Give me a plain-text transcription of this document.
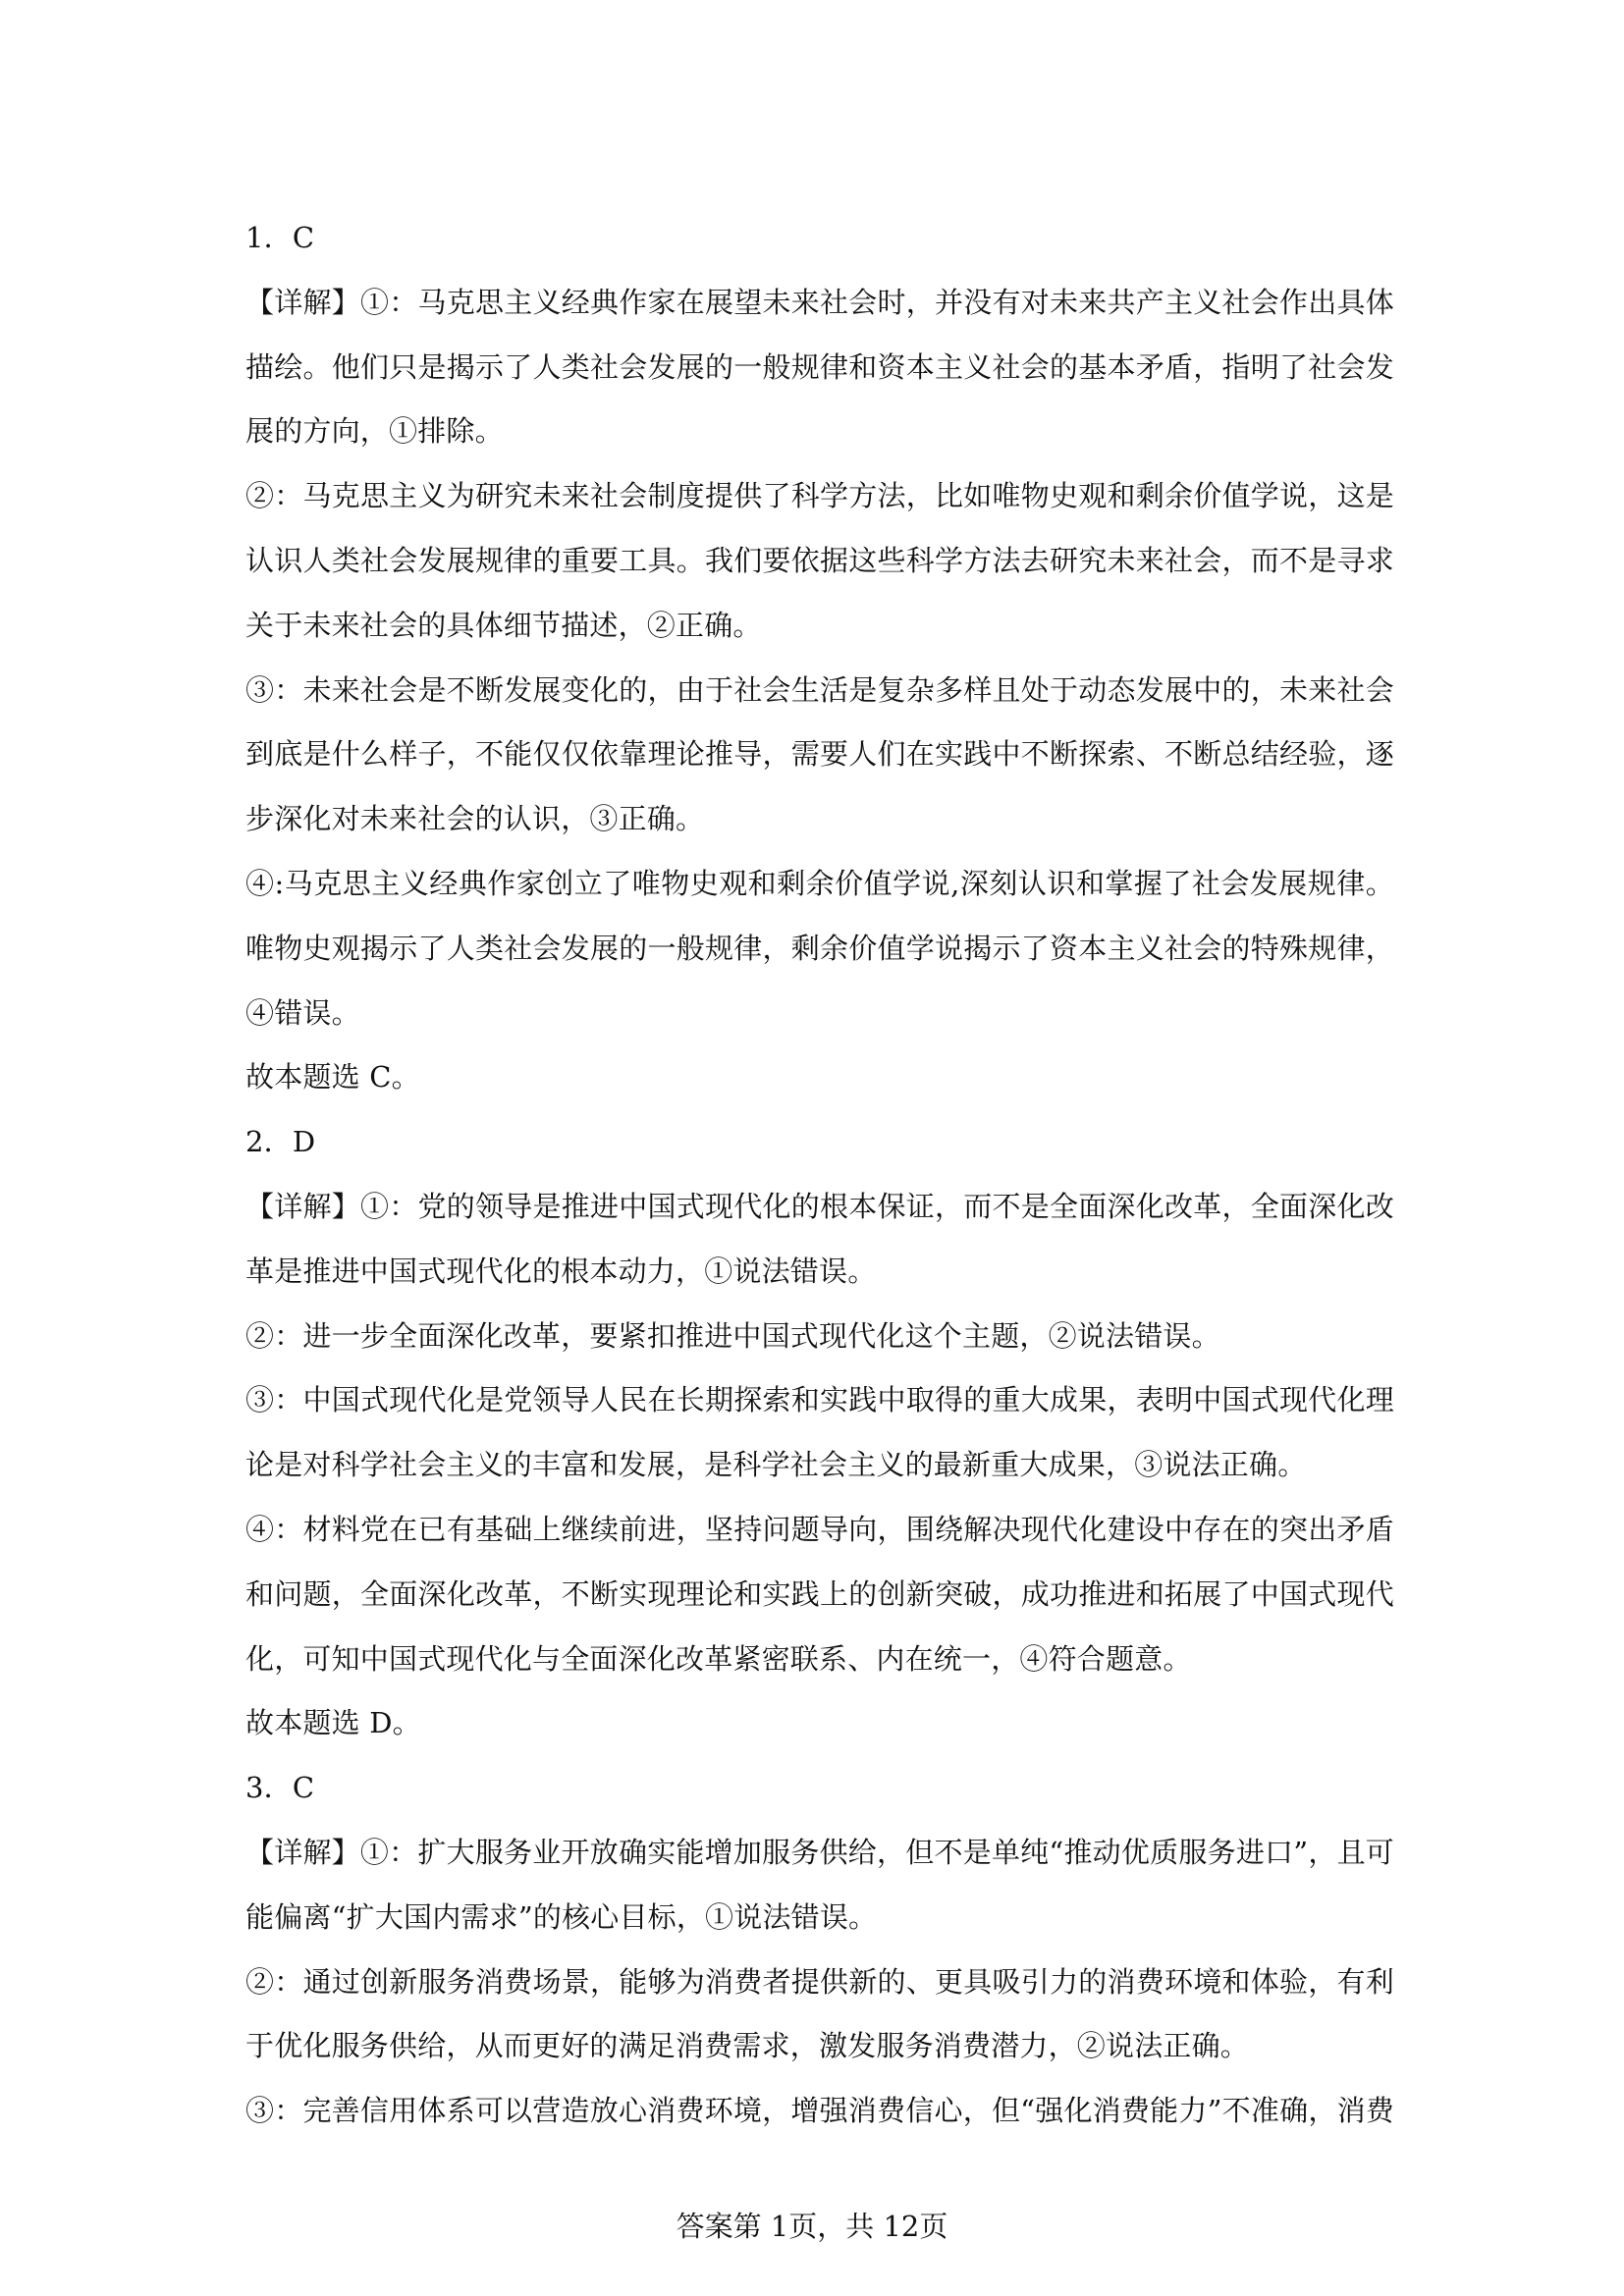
1．C
【详解】①：马克思主义经典作家在展望未来社会时，并没有对未来共产主义社会作出具体
描绘。他们只是揭示了人类社会发展的一般规律和资本主义社会的基本矛盾，指明了社会发
展的方向，①排除。
②：马克思主义为研究未来社会制度提供了科学方法，比如唯物史观和剩余价值学说，这是
认识人类社会发展规律的重要工具。我们要依据这些科学方法去研究未来社会，而不是寻求
关于未来社会的具体细节描述，②正确。
③：未来社会是不断发展变化的，由于社会生活是复杂多样且处于动态发展中的，未来社会
到底是什么样子，不能仅仅依靠理论推导，需要人们在实践中不断探索、不断总结经验，逐
步深化对未来社会的认识，③正确。
④:马克思主义经典作家创立了唯物史观和剩余价值学说,深刻认识和掌握了社会发展规律。
唯物史观揭示了人类社会发展的一般规律，剩余价值学说揭示了资本主义社会的特殊规律，
④错误。
故本题选 C。
2．D
【详解】①：党的领导是推进中国式现代化的根本保证，而不是全面深化改革，全面深化改
革是推进中国式现代化的根本动力，①说法错误。
②：进一步全面深化改革，要紧扣推进中国式现代化这个主题，②说法错误。
③：中国式现代化是党领导人民在长期探索和实践中取得的重大成果，表明中国式现代化理
论是对科学社会主义的丰富和发展，是科学社会主义的最新重大成果，③说法正确。
④：材料党在已有基础上继续前进，坚持问题导向，围绕解决现代化建设中存在的突出矛盾
和问题，全面深化改革，不断实现理论和实践上的创新突破，成功推进和拓展了中国式现代
化，可知中国式现代化与全面深化改革紧密联系、内在统一，④符合题意。
故本题选 D。
3．C
【详解】①：扩大服务业开放确实能增加服务供给，但不是单纯“推动优质服务进口”，且可
能偏离“扩大国内需求”的核心目标，①说法错误。
②：通过创新服务消费场景，能够为消费者提供新的、更具吸引力的消费环境和体验，有利
于优化服务供给，从而更好的满足消费需求，激发服务消费潜力，②说法正确。
③：完善信用体系可以营造放心消费环境，增强消费信心，但“强化消费能力”不准确，消费
答案第 1页，共 12页
